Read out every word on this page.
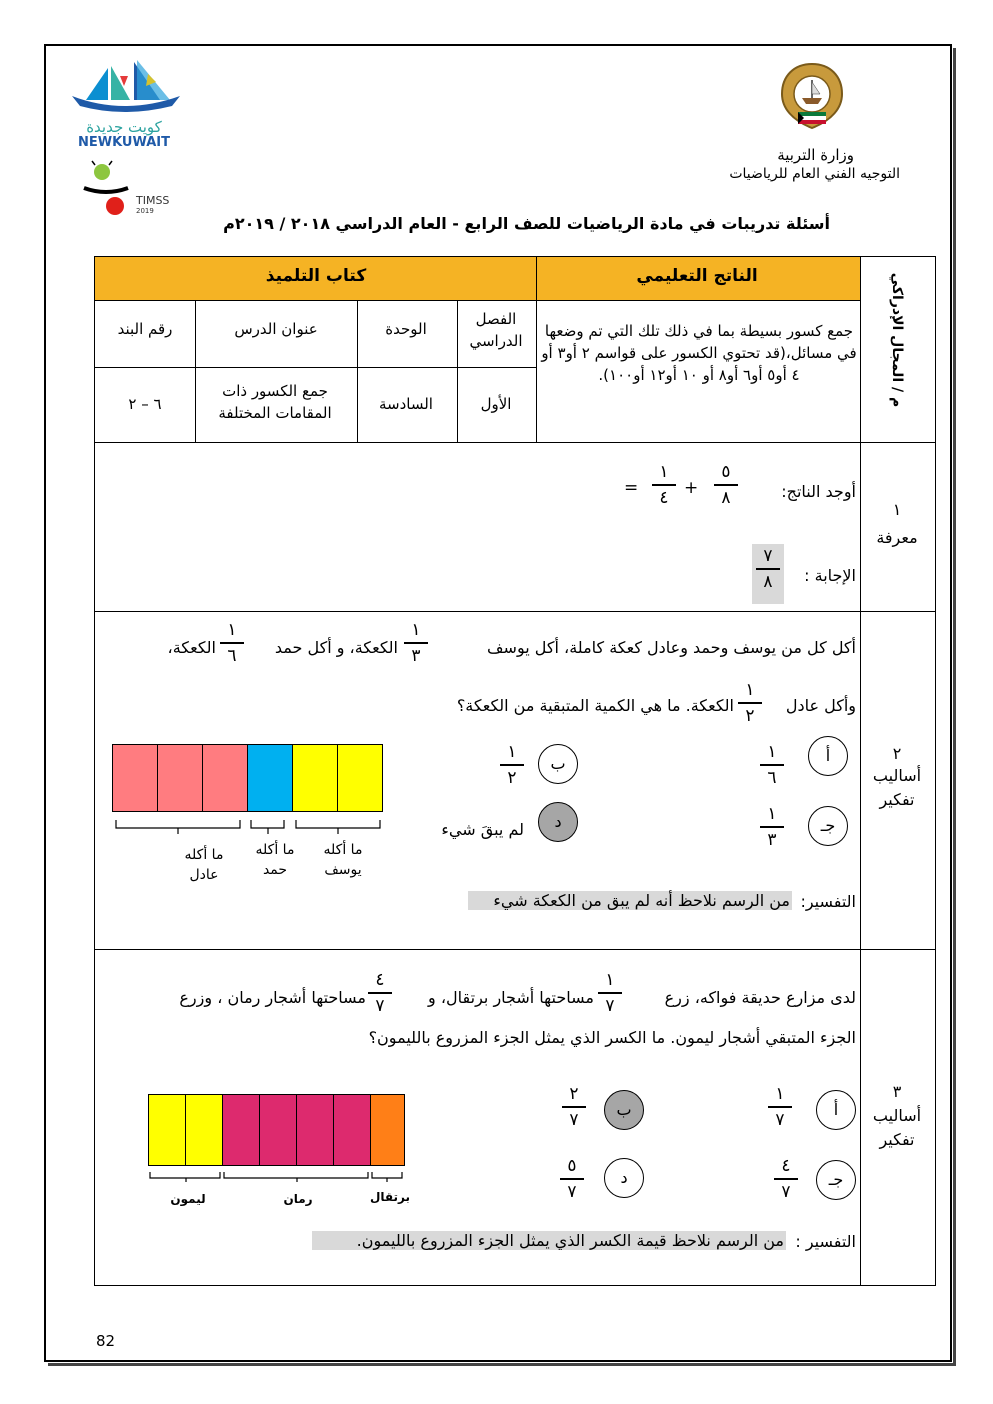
كويت جديدة
NEWKUWAIT
TIMSS
2019
وزارة التربية
التوجيه الفني العام للرياضيات
أسئلة تدريبات في مادة الرياضيات للصف الرابع - العام الدراسي ٢٠١٨ / ٢٠١٩م
م / المجال الإدراكي
الناتج التعليمي
كتاب التلميذ
جمع كسور بسيطة بما في ذلك تلك التي تم وضعها في مسائل،(قد تحتوي الكسور على قواسم ٢ أو٣ أو ٤ أو٥ أو٦ أو٨ أو ١٠ أو١٢ أو١٠٠).
الفصل الدراسي
الوحدة
عنوان الدرس
رقم البند
الأول
السادسة
جمع الكسور ذات المقامات المختلفة
٦ – ٢
١
معرفة
أوجد الناتج:
٥
٨
+
١
٤
=
الإجابة :
٧
٨
٢
أساليب
تفكير
أكل كل من يوسف وحمد وعادل كعكة كاملة، أكل يوسف
١
٣
الكعكة، و أكل حمد
١
٦
الكعكة،
وأكل عادل
١
٢
الكعكة. ما هي الكمية المتبقية من الكعكة؟
أ
١
٦
جـ
١
٣
ب
١
٢
د
لم يبقَ شيء
ما أكله عادل
ما أكله حمد
ما أكله يوسف
التفسير:
من الرسم نلاحظ أنه لم يبق من الكعكة شيء
٣
أساليب
تفكير
لدى مزارع حديقة فواكه، زرع
١
٧
مساحتها أشجار برتقال، و
٤
٧
مساحتها أشجار رمان ، وزرع
الجزء المتبقي أشجار ليمون. ما الكسر الذي يمثل الجزء المزروع بالليمون؟
أ
١
٧
جـ
٤
٧
ب
٢
٧
د
٥
٧
ليمون	رمان	برتقال
التفسير :
من الرسم نلاحظ قيمة الكسر الذي يمثل الجزء المزروع بالليمون.
82
